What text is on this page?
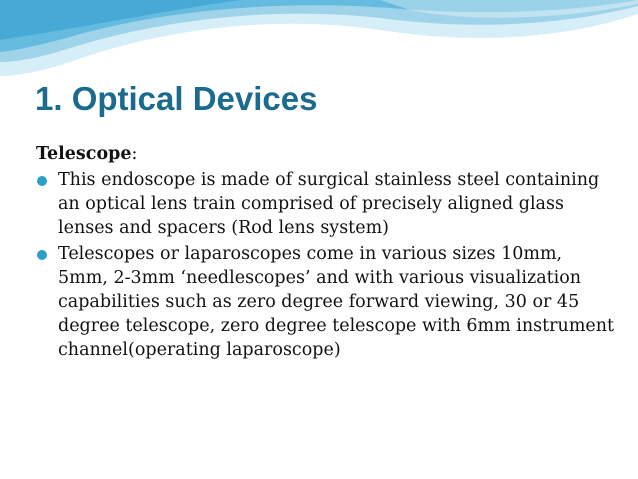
1. Optical Devices

Telescope:

This endoscope is made of surgical stainless steel containing an optical lens train comprised of precisely aligned glass lenses and spacers (Rod lens system)
Telescopes or laparoscopes come in various sizes 10mm, 5mm, 2-3mm ‘needlescopes’ and with various visualization capabilities such as zero degree forward viewing, 30 or 45 degree telescope, zero degree telescope with 6mm instrument channel(operating laparoscope)
